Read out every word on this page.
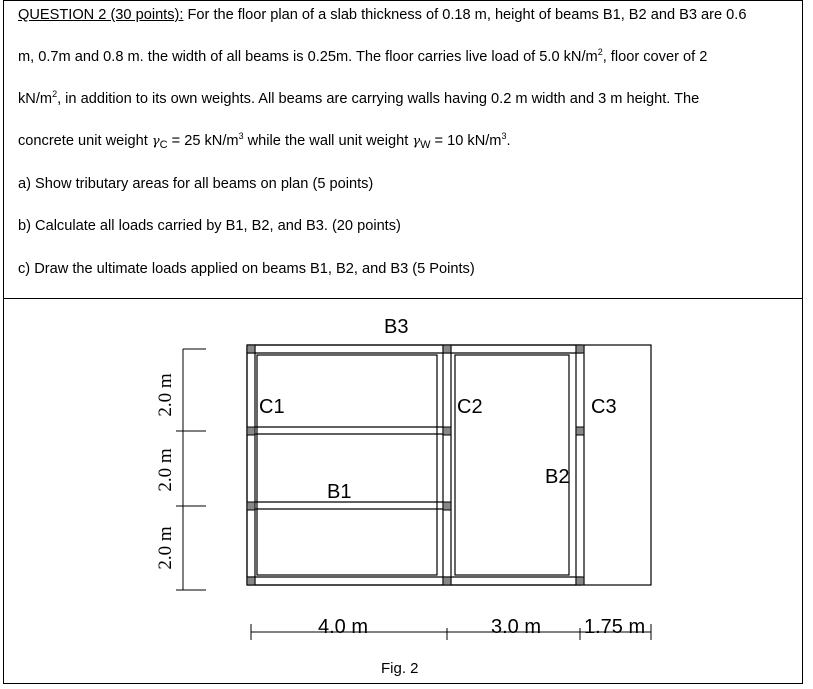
QUESTION 2 (30 points): For the floor plan of a slab thickness of 0.18 m, height of beams B1, B2 and B3 are 0.6
m, 0.7m and 0.8 m. the width of all beams is 0.25m. The floor carries live load of 5.0 $kN/m^2$, floor cover of 2
$kN/m^2$, in addition to its own weights. All beams are carrying walls having 0.2 m width and 3 m height. The
concrete unit weight $\gamma_C = 25$ $kN/m^3$ while the wall unit weight $\gamma_W = 10$ $kN/m^3$.
a) Show tributary areas for all beams on plan (5 points)
b) Calculate all loads carried by B1, B2, and B3. (20 points)
c) Draw the ultimate loads applied on beams B1, B2, and B3 (5 Points)
B3
C1	C2	C3
B1
B2
2.0 m
2.0 m
2.0 m
4.0 m	3.0 m 1.75 m
Fig. 2
